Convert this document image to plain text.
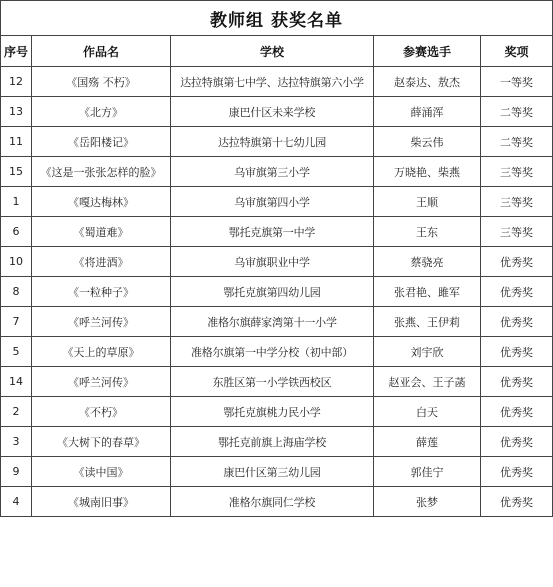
教师组 获奖名单				
序号	作品名	学校	参赛选手	奖项
12	《国殇 不朽》	达拉特旗第七中学、达拉特旗第六小学	赵泰达、敖杰	一等奖
13	《北方》	康巴什区未来学校	薛涌浑	二等奖
11	《岳阳楼记》	达拉特旗第十七幼儿园	柴云伟	二等奖
15	《这是一张张怎样的脸》	乌审旗第三小学	万晓艳、柴燕	三等奖
1	《嘎达梅林》	乌审旗第四小学	王顺	三等奖
6	《蜀道难》	鄂托克旗第一中学	王东	三等奖
10	《将进酒》	乌审旗职业中学	蔡骁亮	优秀奖
8	《一粒种子》	鄂托克旗第四幼儿园	张君艳、雎军	优秀奖
7	《呼兰河传》	准格尔旗薛家湾第十一小学	张燕、王伊莉	优秀奖
5	《天上的草原》	准格尔旗第一中学分校（初中部）	刘宇欣	优秀奖
14	《呼兰河传》	东胜区第一小学铁西校区	赵亚会、王子菡	优秀奖
2	《不朽》	鄂托克旗桃力民小学	白天	优秀奖
3	《大树下的春草》	鄂托克前旗上海庙学校	薛莲	优秀奖
9	《读中国》	康巴什区第三幼儿园	郭佳宁	优秀奖
4	《城南旧事》	准格尔旗同仁学校	张梦	优秀奖
